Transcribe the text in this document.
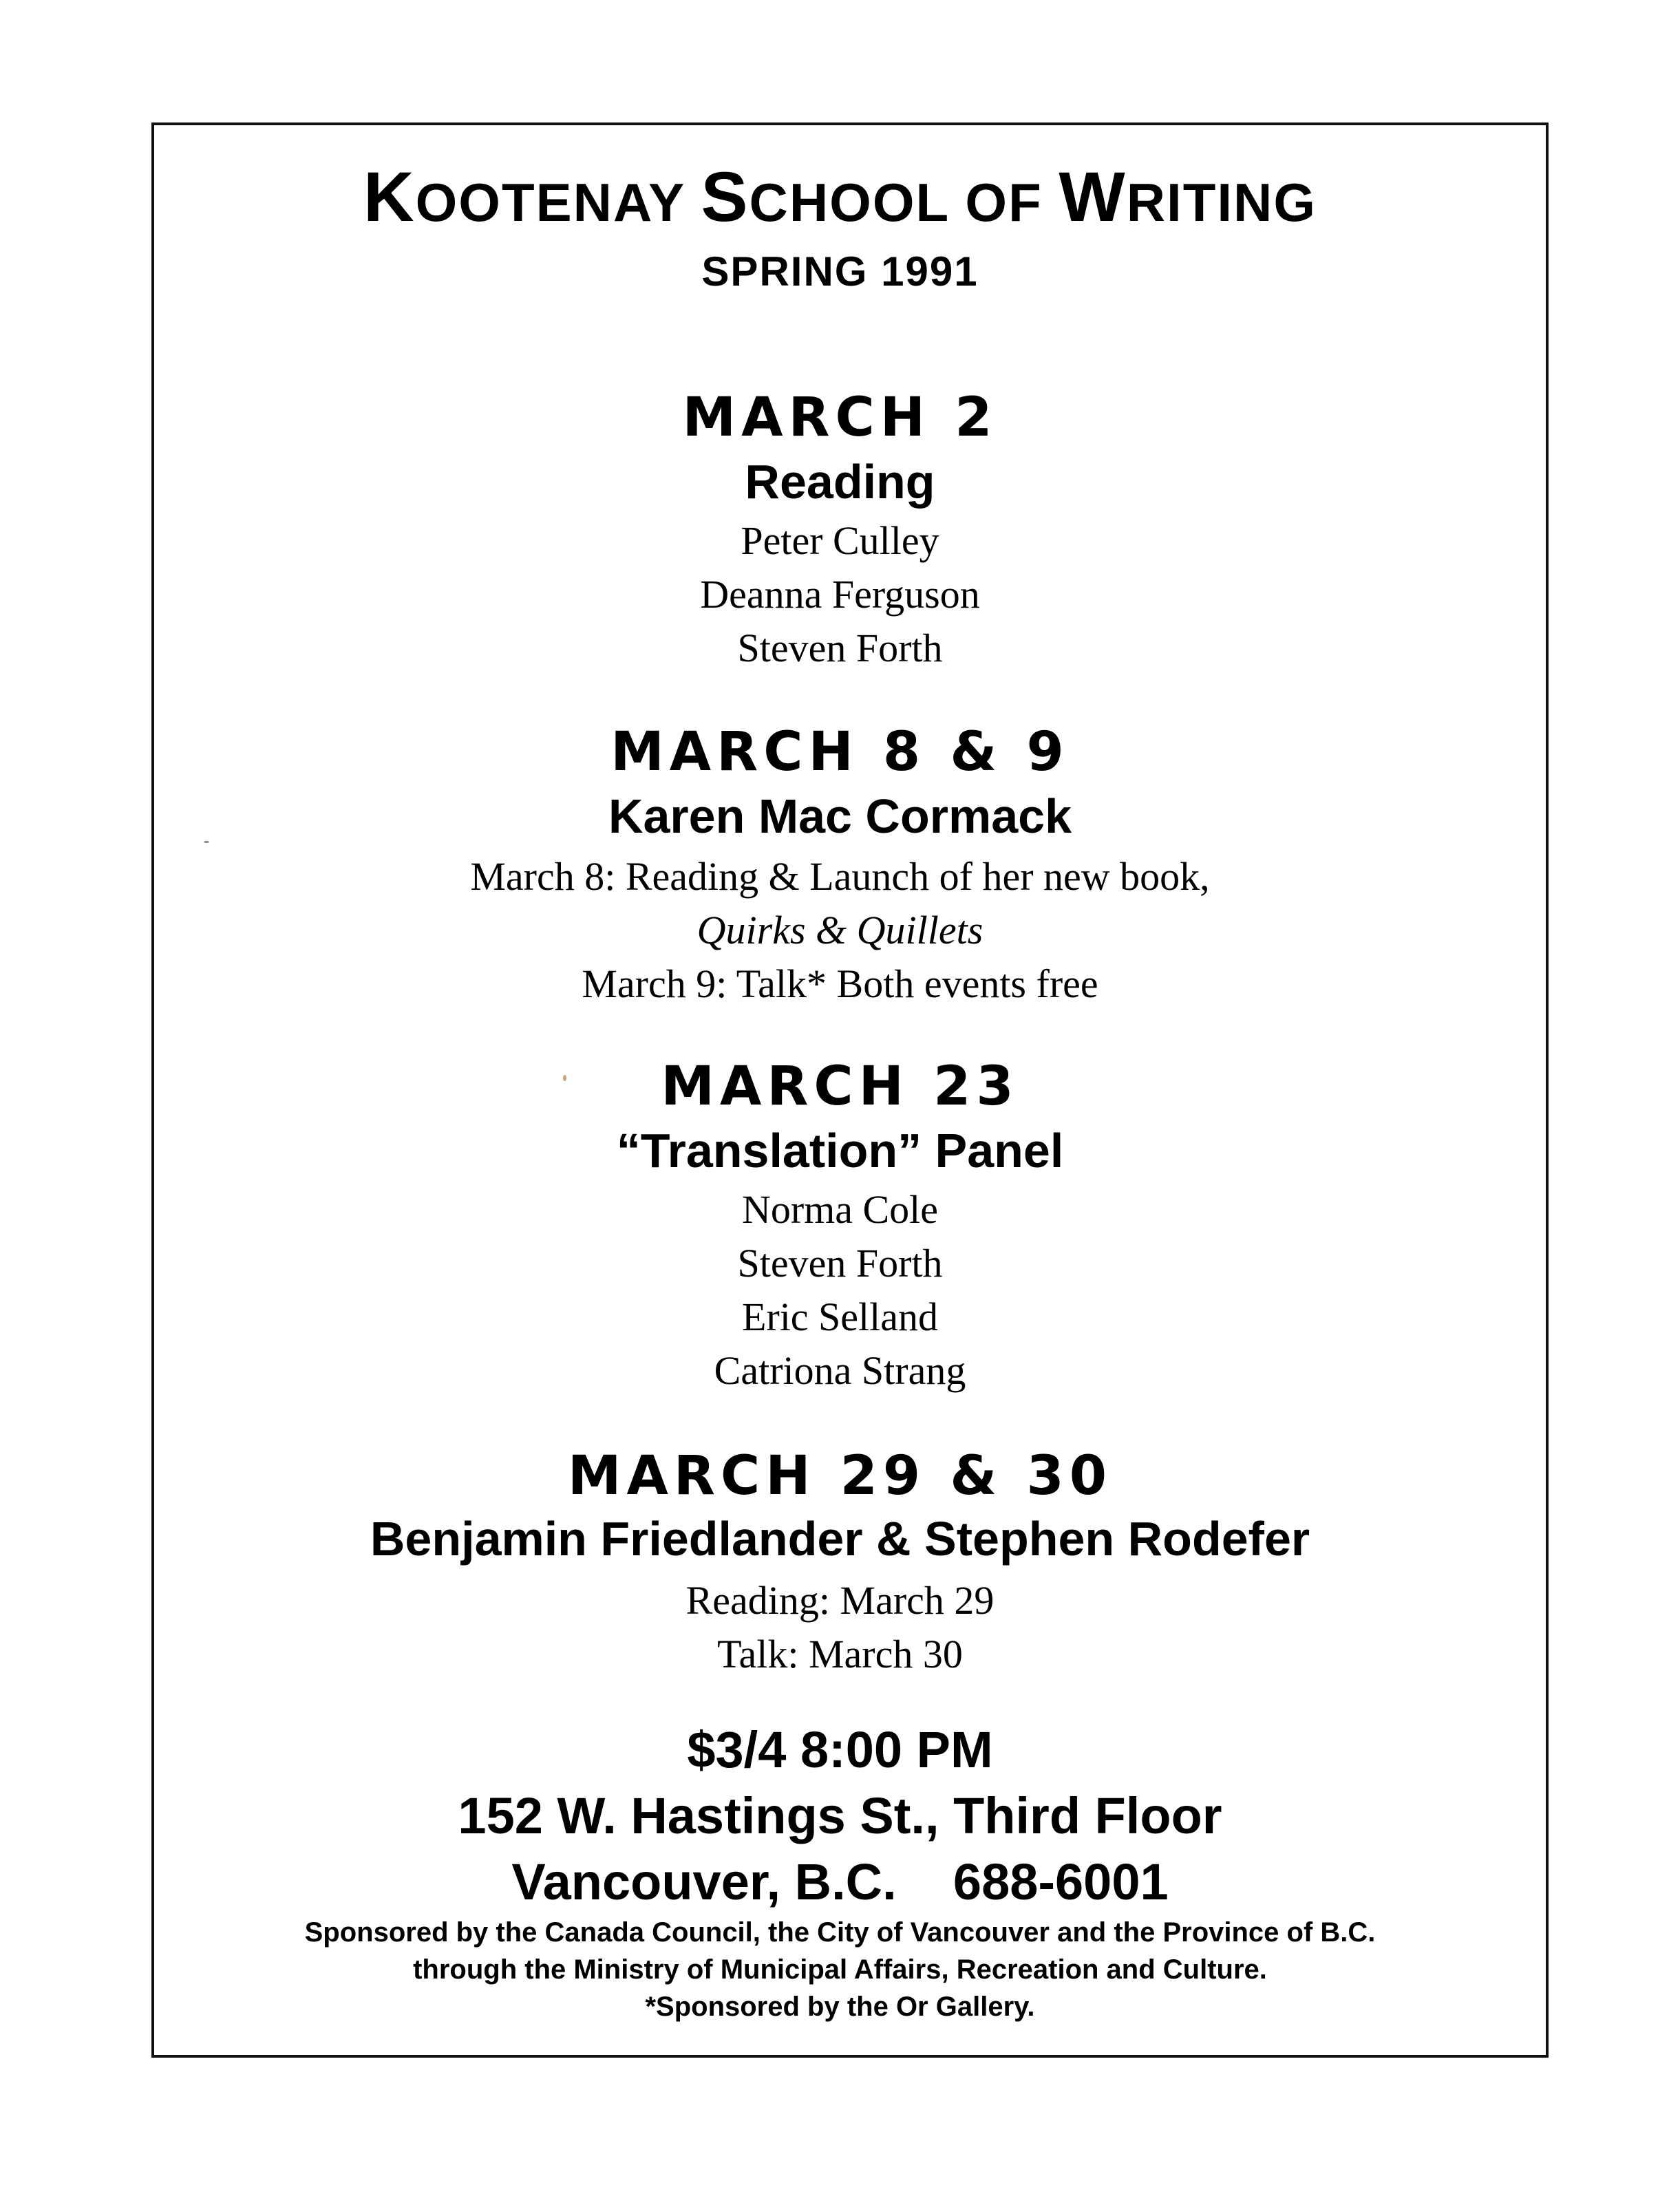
KOOTENAY SCHOOL OF WRITING
SPRING 1991
MARCH 2
Reading
Peter Culley
Deanna Ferguson
Steven Forth
MARCH 8 & 9
Karen Mac Cormack
March 8: Reading & Launch of her new book,
Quirks & Quillets
March 9: Talk* Both events free
MARCH 23
“Translation” Panel
Norma Cole
Steven Forth
Eric Selland
Catriona Strang
MARCH 29 & 30
Benjamin Friedlander & Stephen Rodefer
Reading: March 29
Talk: March 30
$3/4 8:00 PM
152 W. Hastings St., Third Floor
Vancouver, B.C.    688-6001
Sponsored by the Canada Council, the City of Vancouver and the Province of B.C.
through the Ministry of Municipal Affairs, Recreation and Culture.
*Sponsored by the Or Gallery.
